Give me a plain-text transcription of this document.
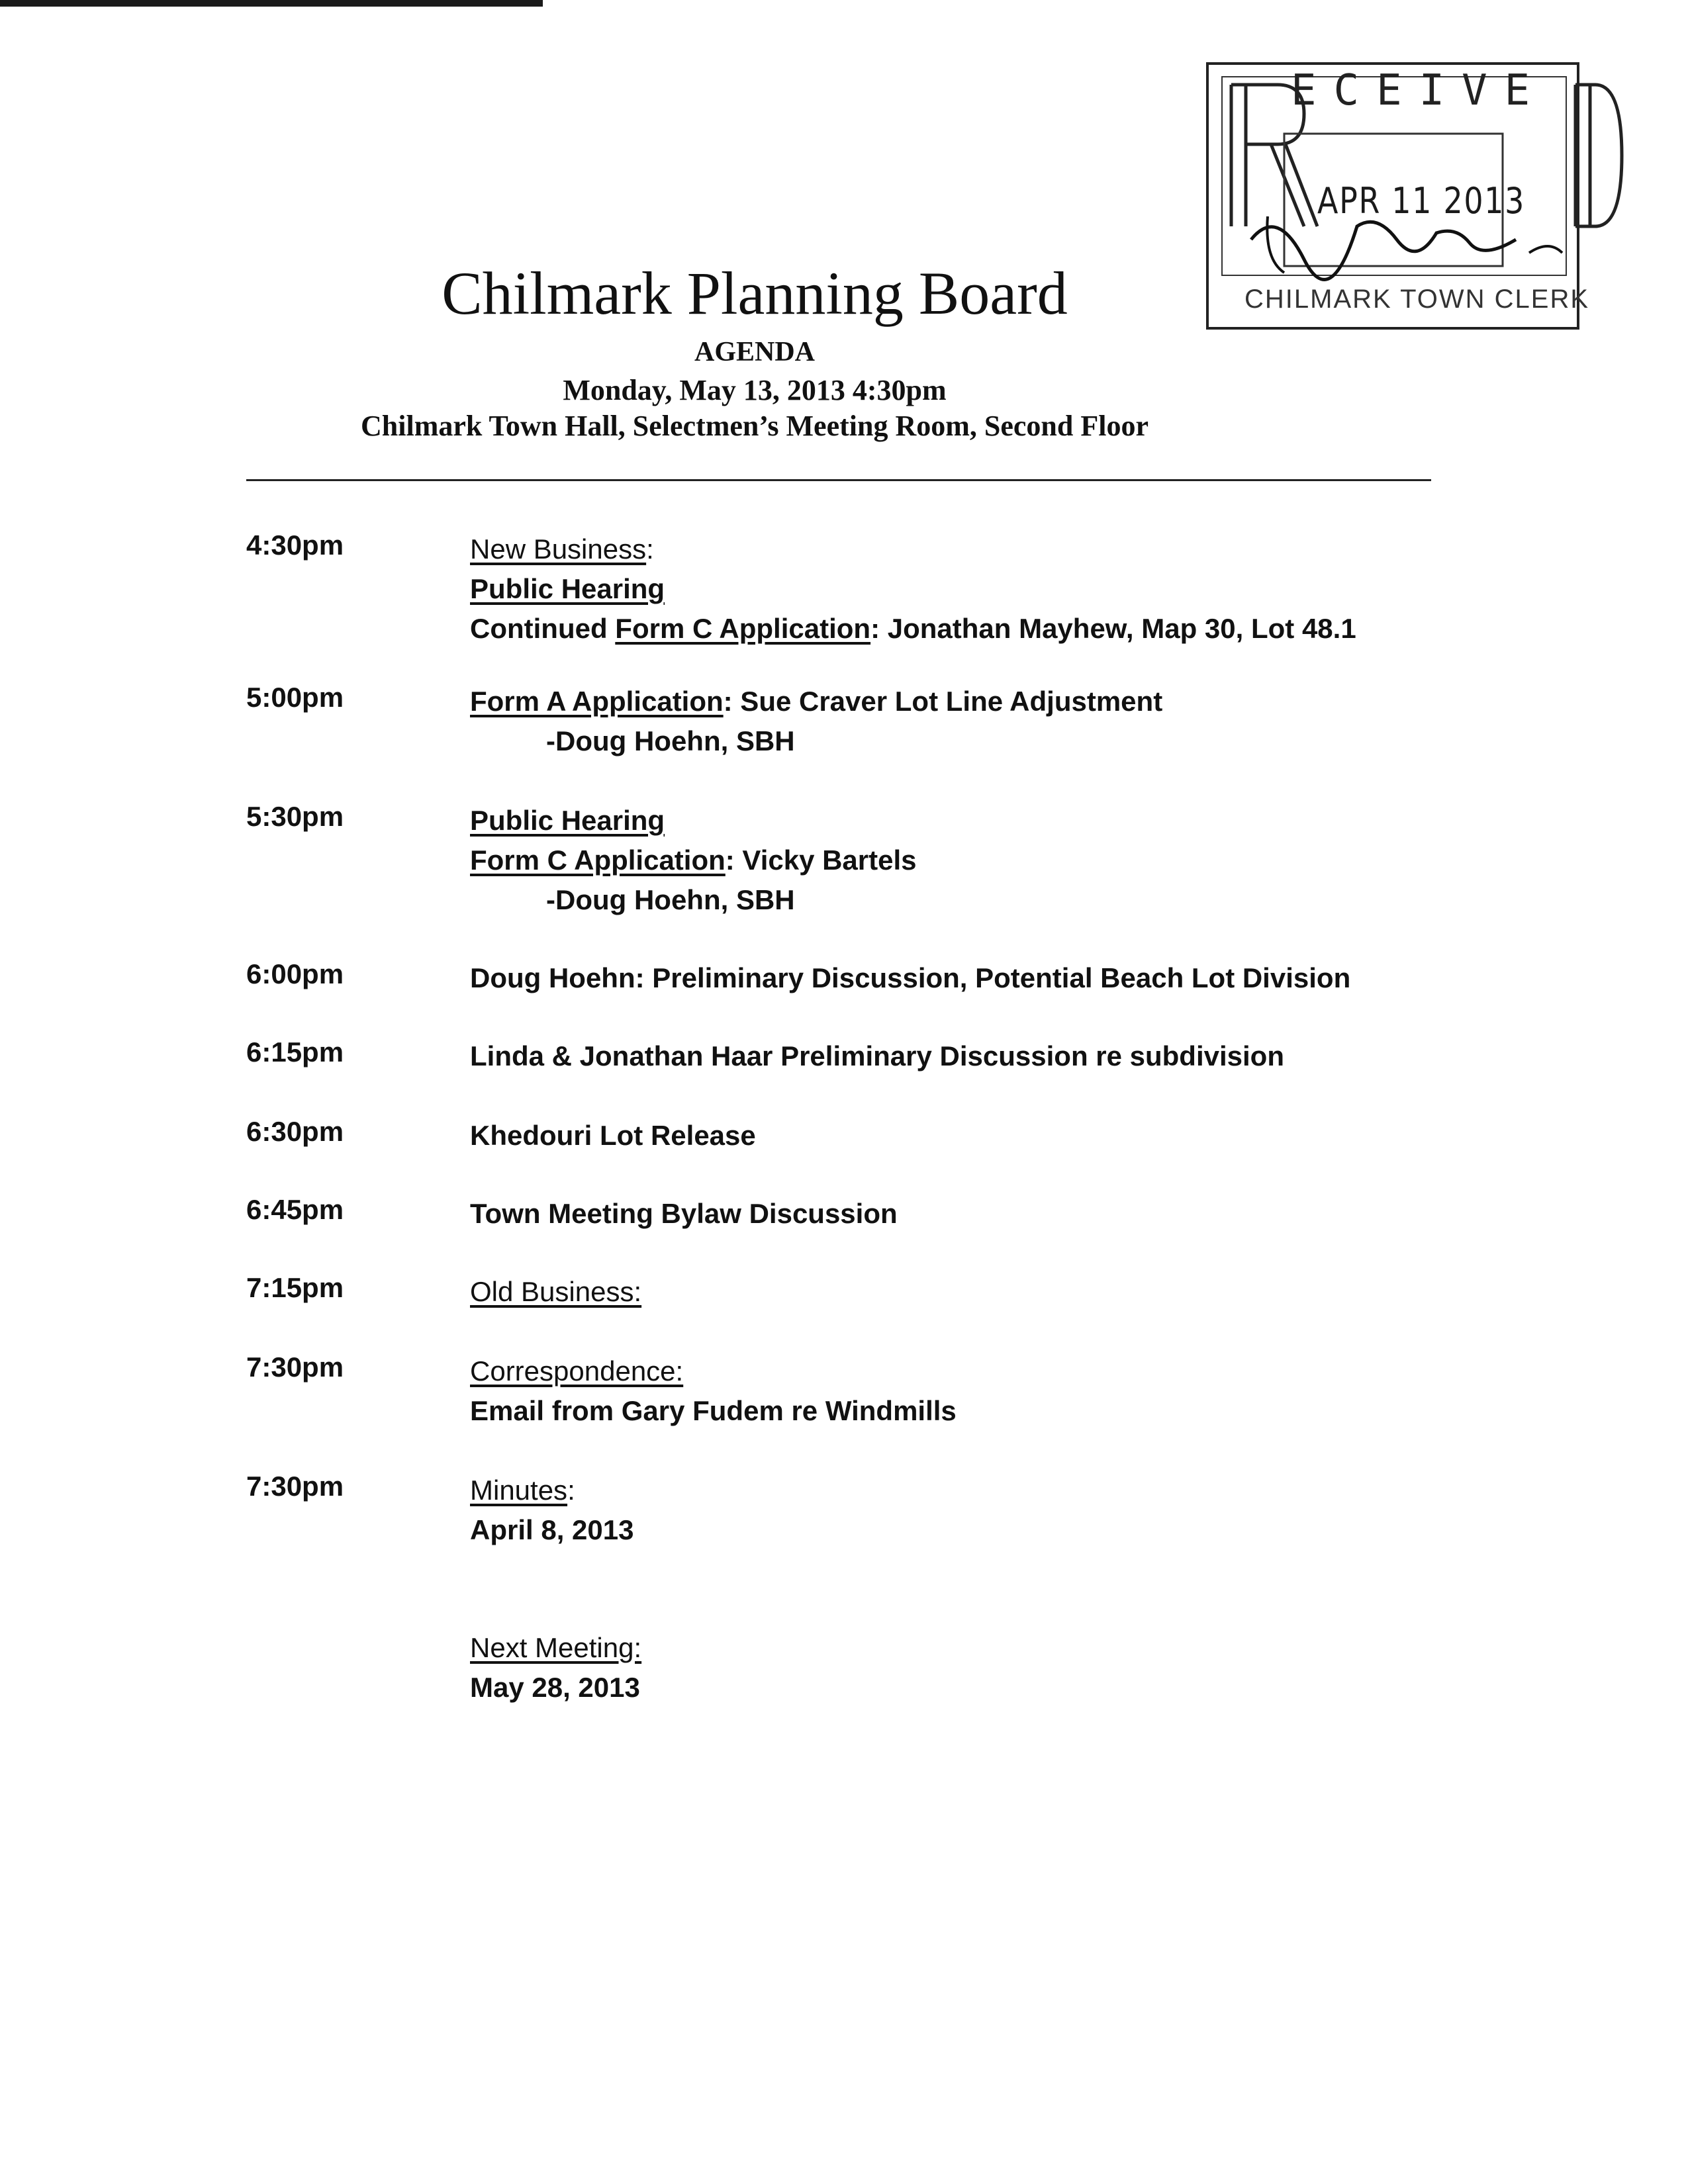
ECEIVE
APR 11 2013
CHILMARK TOWN CLERK
Chilmark Planning Board
AGENDA
Monday, May 13, 2013 4:30pm
Chilmark Town Hall, Selectmen’s Meeting Room, Second Floor
4:30pm	New Business:
Public Hearing
Continued Form C Application: Jonathan Mayhew, Map 30, Lot 48.1
5:00pm	Form A Application: Sue Craver Lot Line Adjustment
-Doug Hoehn, SBH
5:30pm	Public Hearing
Form C Application: Vicky Bartels
-Doug Hoehn, SBH
6:00pm	Doug Hoehn: Preliminary Discussion, Potential Beach Lot Division
6:15pm	Linda & Jonathan Haar Preliminary Discussion re subdivision
6:30pm	Khedouri Lot Release
6:45pm	Town Meeting Bylaw Discussion
7:15pm	Old Business:
7:30pm	Correspondence:
Email from Gary Fudem re Windmills
7:30pm	Minutes:
April 8, 2013
Next Meeting:
May 28, 2013
